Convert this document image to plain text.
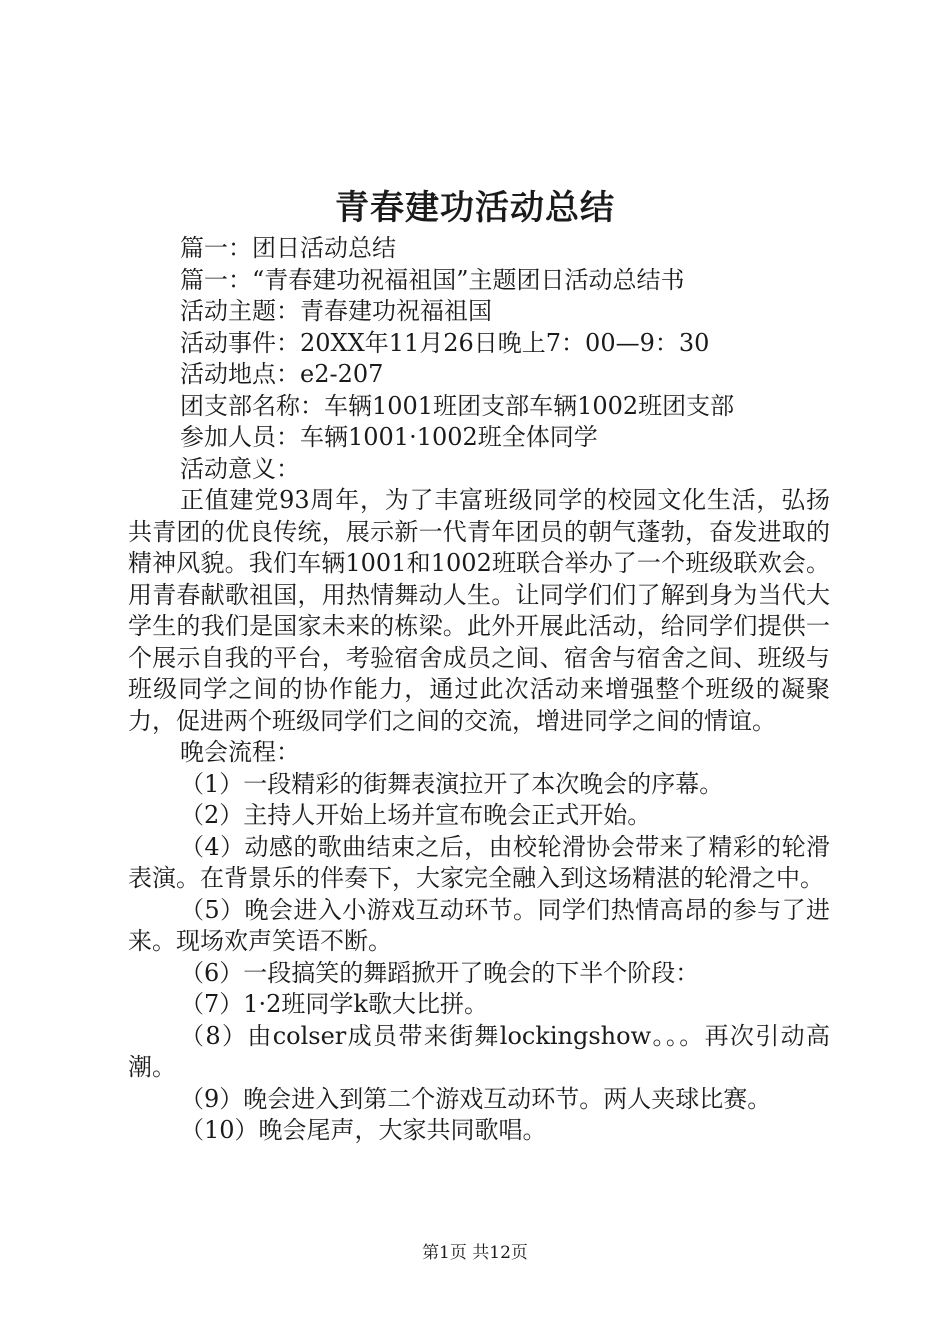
青春建功活动总结

篇一：团日活动总结

篇一：“青春建功祝福祖国”主题团日活动总结书

活动主题：青春建功祝福祖国

活动事件：20XX年11月26日晚上7：00—9：30

活动地点：e2-207

团支部名称：车辆1001班团支部车辆1002班团支部

参加人员：车辆1001·1002班全体同学

活动意义：

正值建党93周年，为了丰富班级同学的校园文化生活，弘扬共青团的优良传统，展示新一代青年团员的朝气蓬勃，奋发进取的精神风貌。我们车辆1001和1002班联合举办了一个班级联欢会。用青春献歌祖国，用热情舞动人生。让同学们们了解到身为当代大学生的我们是国家未来的栋梁。此外开展此活动，给同学们提供一个展示自我的平台，考验宿舍成员之间、宿舍与宿舍之间、班级与班级同学之间的协作能力，通过此次活动来增强整个班级的凝聚力，促进两个班级同学们之间的交流，增进同学之间的情谊。

晚会流程：

（1）一段精彩的街舞表演拉开了本次晚会的序幕。

（2）主持人开始上场并宣布晚会正式开始。

（4）动感的歌曲结束之后，由校轮滑协会带来了精彩的轮滑表演。在背景乐的伴奏下，大家完全融入到这场精湛的轮滑之中。

（5）晚会进入小游戏互动环节。同学们热情高昂的参与了进来。现场欢声笑语不断。

（6）一段搞笑的舞蹈掀开了晚会的下半个阶段：

（7）1·2班同学k歌大比拼。

（8）由colser成员带来街舞lockingshow。。。再次引动高潮。

（9）晚会进入到第二个游戏互动环节。两人夹球比赛。

（10）晚会尾声，大家共同歌唱。

第1页 共12页
